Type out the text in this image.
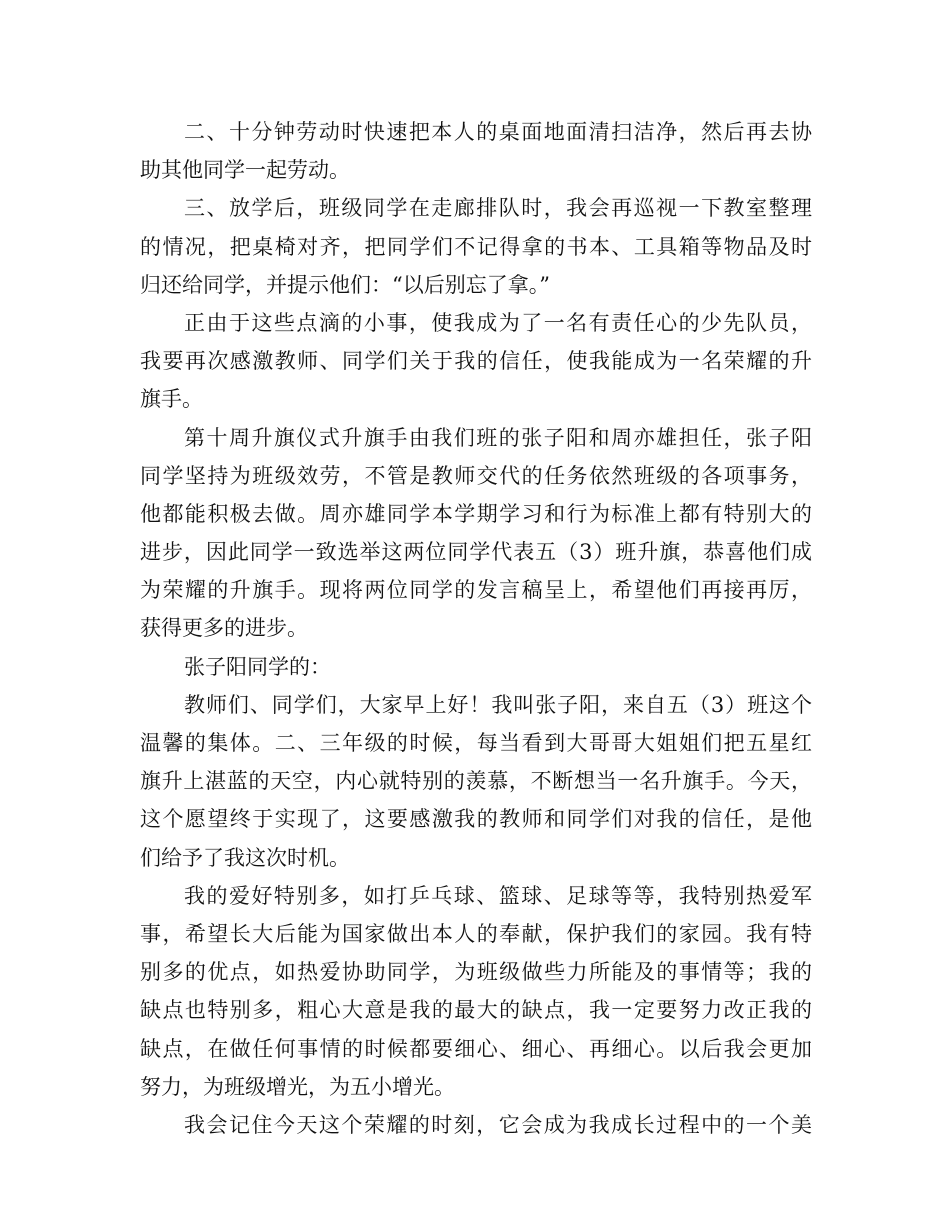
二、十分钟劳动时快速把本人的桌面地面清扫洁净，然后再去协
助其他同学一起劳动。
三、放学后，班级同学在走廊排队时，我会再巡视一下教室整理
的情况，把桌椅对齐，把同学们不记得拿的书本、工具箱等物品及时
归还给同学，并提示他们：“以后别忘了拿。”
正由于这些点滴的小事，使我成为了一名有责任心的少先队员，
我要再次感激教师、同学们关于我的信任，使我能成为一名荣耀的升
旗手。
第十周升旗仪式升旗手由我们班的张子阳和周亦雄担任，张子阳
同学坚持为班级效劳，不管是教师交代的任务依然班级的各项事务，
他都能积极去做。周亦雄同学本学期学习和行为标准上都有特别大的
进步，因此同学一致选举这两位同学代表五（3）班升旗，恭喜他们成
为荣耀的升旗手。现将两位同学的发言稿呈上，希望他们再接再厉，
获得更多的进步。
张子阳同学的：
教师们、同学们，大家早上好！我叫张子阳，来自五（3）班这个
温馨的集体。二、三年级的时候，每当看到大哥哥大姐姐们把五星红
旗升上湛蓝的天空，内心就特别的羡慕，不断想当一名升旗手。今天，
这个愿望终于实现了，这要感激我的教师和同学们对我的信任，是他
们给予了我这次时机。
我的爱好特别多，如打乒乓球、篮球、足球等等，我特别热爱军
事，希望长大后能为国家做出本人的奉献，保护我们的家园。我有特
别多的优点，如热爱协助同学，为班级做些力所能及的事情等；我的
缺点也特别多，粗心大意是我的最大的缺点，我一定要努力改正我的
缺点，在做任何事情的时候都要细心、细心、再细心。以后我会更加
努力，为班级增光，为五小增光。
我会记住今天这个荣耀的时刻，它会成为我成长过程中的一个美
